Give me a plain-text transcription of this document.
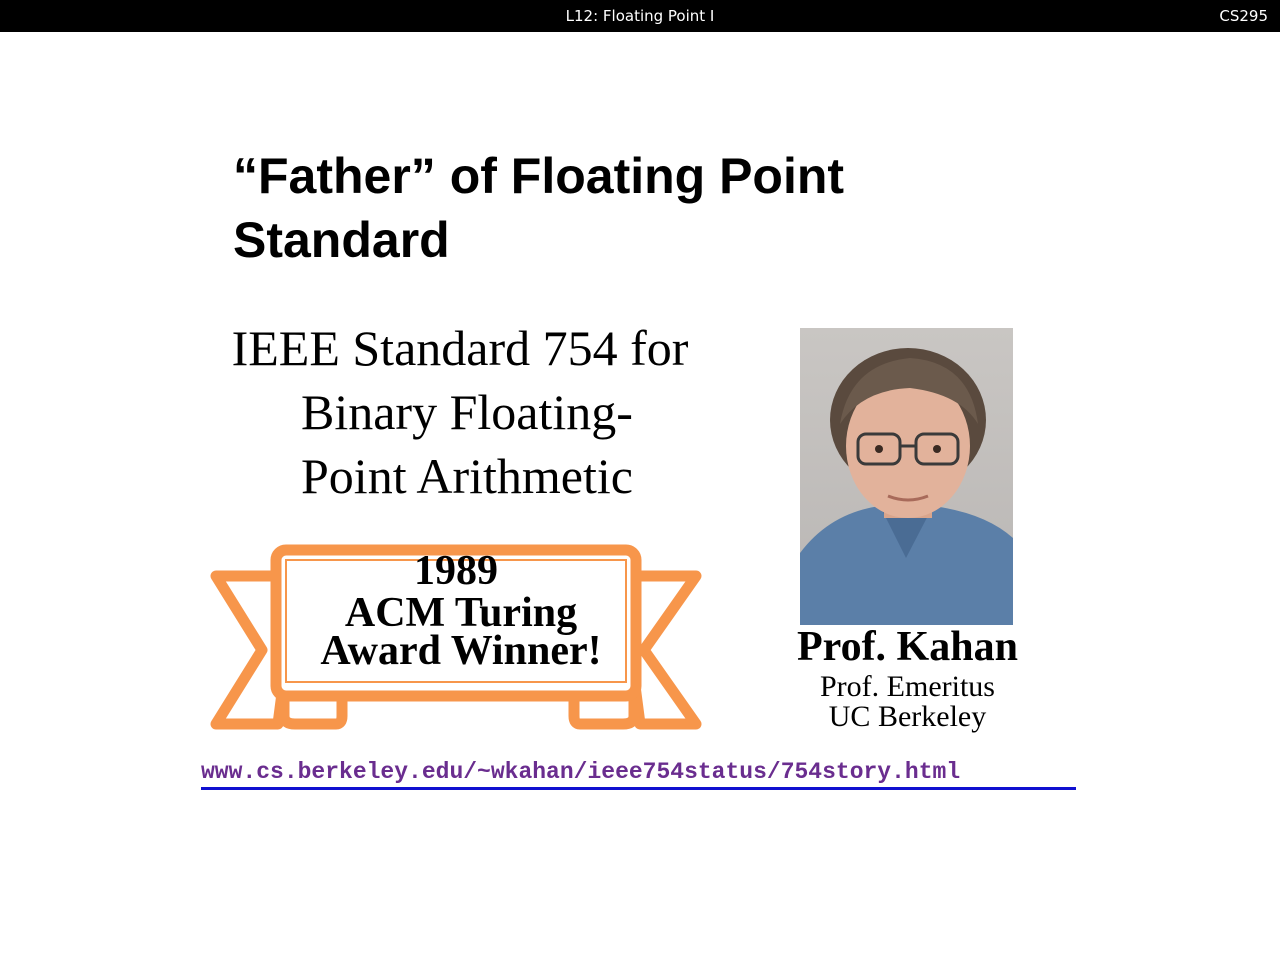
L12: Floating Point I	CS295
“Father” of Floating Point
Standard
IEEE Standard 754 for
Binary Floating-
Point Arithmetic
1989
ACM Turing
Award Winner!	Prof. Kahan
Prof. Emeritus
UC Berkeley
www.cs.berkeley.edu/~wkahan/ieee754status/754story.html
